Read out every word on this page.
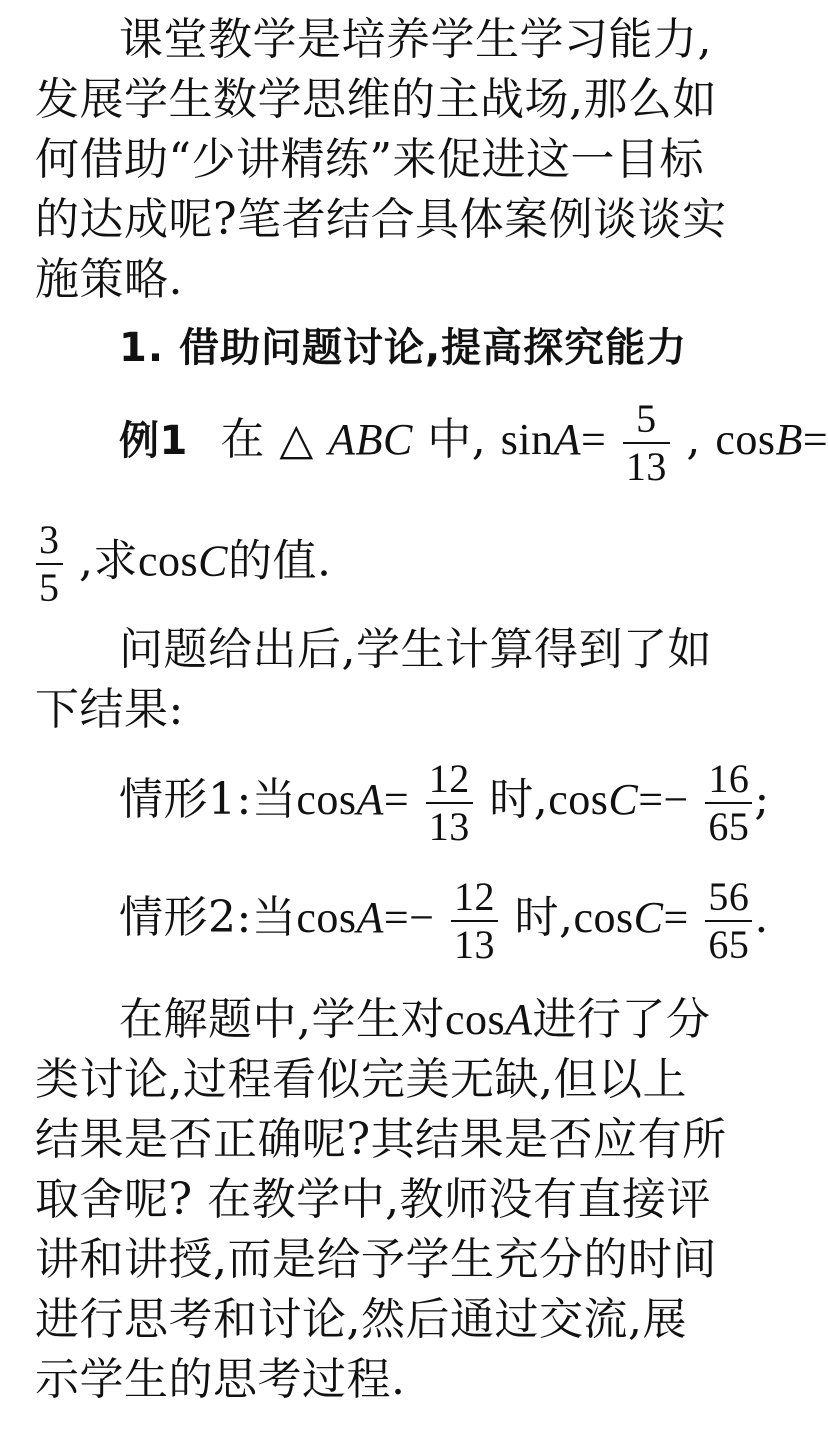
课堂教学是培养学生学习能力,
发展学生数学思维的主战场,那么如
何借助“少讲精练”来促进这一目标
的达成呢?笔者结合具体案例谈谈实
施策略.
1. 借助问题讨论,提高探究能力
例1 在 △ ABC 中, $\sin A= \frac{5}{13}$ , cosB=
$\frac{3}{5}$ ,求cosC的值.
问题给出后,学生计算得到了如
下结果:
情形1:当$\cos A= \frac{12}{13}$ 时$,\cos C=- \frac{16}{65}$ ;
情形2:当$\cos A=- \frac{12}{13}$ 时$,\cos C= \frac{56}{65}$ .
在解题中,学生对cosA进行了分
类讨论,过程看似完美无缺,但以上
结果是否正确呢?其结果是否应有所
取舍呢? 在教学中,教师没有直接评
讲和讲授,而是给予学生充分的时间
进行思考和讨论,然后通过交流,展
示学生的思考过程.
